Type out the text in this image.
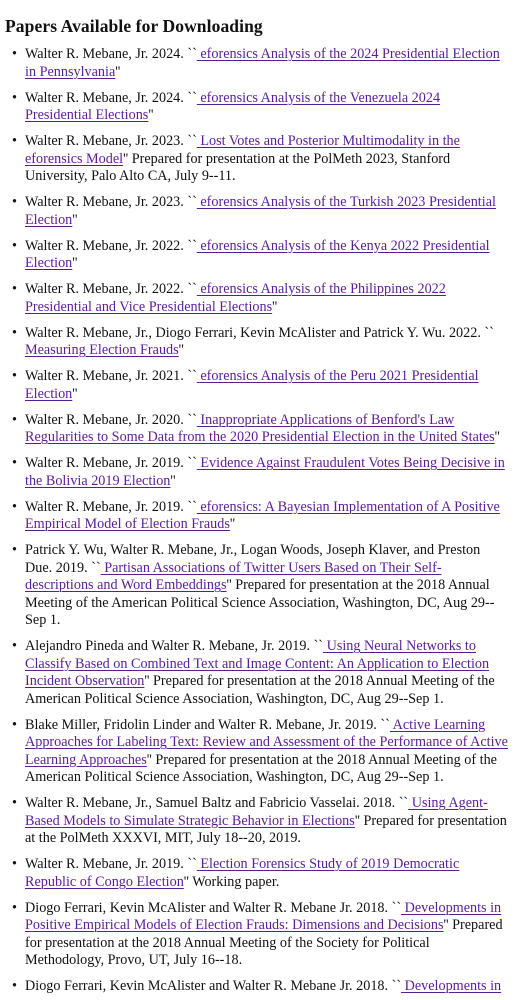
Papers Available for Downloading
• Walter R. Mebane, Jr. 2024. `` eforensics Analysis of the 2024 Presidential Election in Pennsylvania''
• Walter R. Mebane, Jr. 2024. `` eforensics Analysis of the Venezuela 2024 Presidential Elections''
• Walter R. Mebane, Jr. 2023. `` Lost Votes and Posterior Multimodality in the eforensics Model'' Prepared for presentation at the PolMeth 2023, Stanford University, Palo Alto CA, July 9--11.
• Walter R. Mebane, Jr. 2023. `` eforensics Analysis of the Turkish 2023 Presidential Election''
• Walter R. Mebane, Jr. 2022. `` eforensics Analysis of the Kenya 2022 Presidential Election''
• Walter R. Mebane, Jr. 2022. `` eforensics Analysis of the Philippines 2022 Presidential and Vice Presidential Elections''
• Walter R. Mebane, Jr., Diogo Ferrari, Kevin McAlister and Patrick Y. Wu. 2022. `` Measuring Election Frauds''
• Walter R. Mebane, Jr. 2021. `` eforensics Analysis of the Peru 2021 Presidential Election''
• Walter R. Mebane, Jr. 2020. `` Inappropriate Applications of Benford's Law Regularities to Some Data from the 2020 Presidential Election in the United States''
• Walter R. Mebane, Jr. 2019. `` Evidence Against Fraudulent Votes Being Decisive in the Bolivia 2019 Election''
• Walter R. Mebane, Jr. 2019. `` eforensics: A Bayesian Implementation of A Positive Empirical Model of Election Frauds''
• Patrick Y. Wu, Walter R. Mebane, Jr., Logan Woods, Joseph Klaver, and Preston Due. 2019. `` Partisan Associations of Twitter Users Based on Their Self-descriptions and Word Embeddings'' Prepared for presentation at the 2018 Annual Meeting of the American Political Science Association, Washington, DC, Aug 29--Sep 1.
• Alejandro Pineda and Walter R. Mebane, Jr. 2019. `` Using Neural Networks to Classify Based on Combined Text and Image Content: An Application to Election Incident Observation'' Prepared for presentation at the 2018 Annual Meeting of the American Political Science Association, Washington, DC, Aug 29--Sep 1.
• Blake Miller, Fridolin Linder and Walter R. Mebane, Jr. 2019. `` Active Learning Approaches for Labeling Text: Review and Assessment of the Performance of Active Learning Approaches'' Prepared for presentation at the 2018 Annual Meeting of the American Political Science Association, Washington, DC, Aug 29--Sep 1.
• Walter R. Mebane, Jr., Samuel Baltz and Fabricio Vasselai. 2018. `` Using Agent-Based Models to Simulate Strategic Behavior in Elections'' Prepared for presentation at the PolMeth XXXVI, MIT, July 18--20, 2019.
• Walter R. Mebane, Jr. 2019. `` Election Forensics Study of 2019 Democratic Republic of Congo Election'' Working paper.
• Diogo Ferrari, Kevin McAlister and Walter R. Mebane Jr. 2018. `` Developments in Positive Empirical Models of Election Frauds: Dimensions and Decisions'' Prepared for presentation at the 2018 Annual Meeting of the Society for Political Methodology, Provo, UT, July 16--18.
• Diogo Ferrari, Kevin McAlister and Walter R. Mebane Jr. 2018. `` Developments in
